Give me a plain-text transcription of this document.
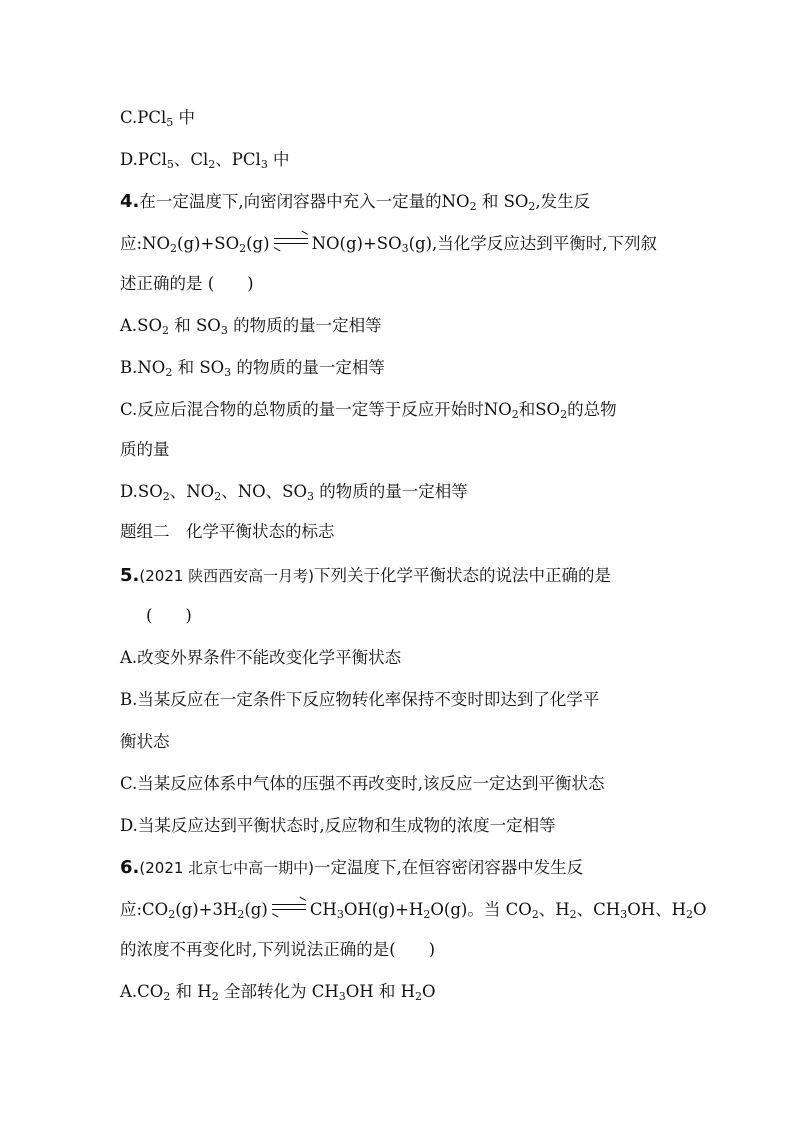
C.PCl$_5$ 中
D.PCl$_5$、$Cl_2$、PCl$_3$ 中
4.在一定温度下,向密闭容器中充入一定量的$NO_2$ 和 $SO_2$,发生反
应$:NO_2(g)+SO_2(g) \to NO(g)+SO_3(g)$,当化学反应达到平衡时,下列叙
述正确的是 (　　)
$A.SO_2$ 和 $SO_3$ 的物质的量一定相等
$B.NO_2$ 和 $SO_3$ 的物质的量一定相等
C.反应后混合物的总物质的量一定等于反应开始时$NO_2$和$SO_2$的总物
质的量
$D.SO_2$、$NO_2$、NO、$SO_3$ 的物质的量一定相等
题组二　化学平衡状态的标志
5.(2021 陕西西安高一月考)下列关于化学平衡状态的说法中正确的是
(　　)
A.改变外界条件不能改变化学平衡状态
B.当某反应在一定条件下反应物转化率保持不变时即达到了化学平
衡状态
C.当某反应体系中气体的压强不再改变时,该反应一定达到平衡状态
D.当某反应达到平衡状态时,反应物和生成物的浓度一定相等
6.(2021 北京七中高一期中)一定温度下,在恒容密闭容器中发生反
应$:CO_2(g)+3H_2(g) \to CH_3OH(g)+H_2O(g)$。当 $CO_2$、$H_2$、$CH_3OH$、$H_2O$
的浓度不再变化时,下列说法正确的是(　　)
$A.CO_2$ 和 $H_2$ 全部转化为 $CH_3OH$ 和 $H_2O$
